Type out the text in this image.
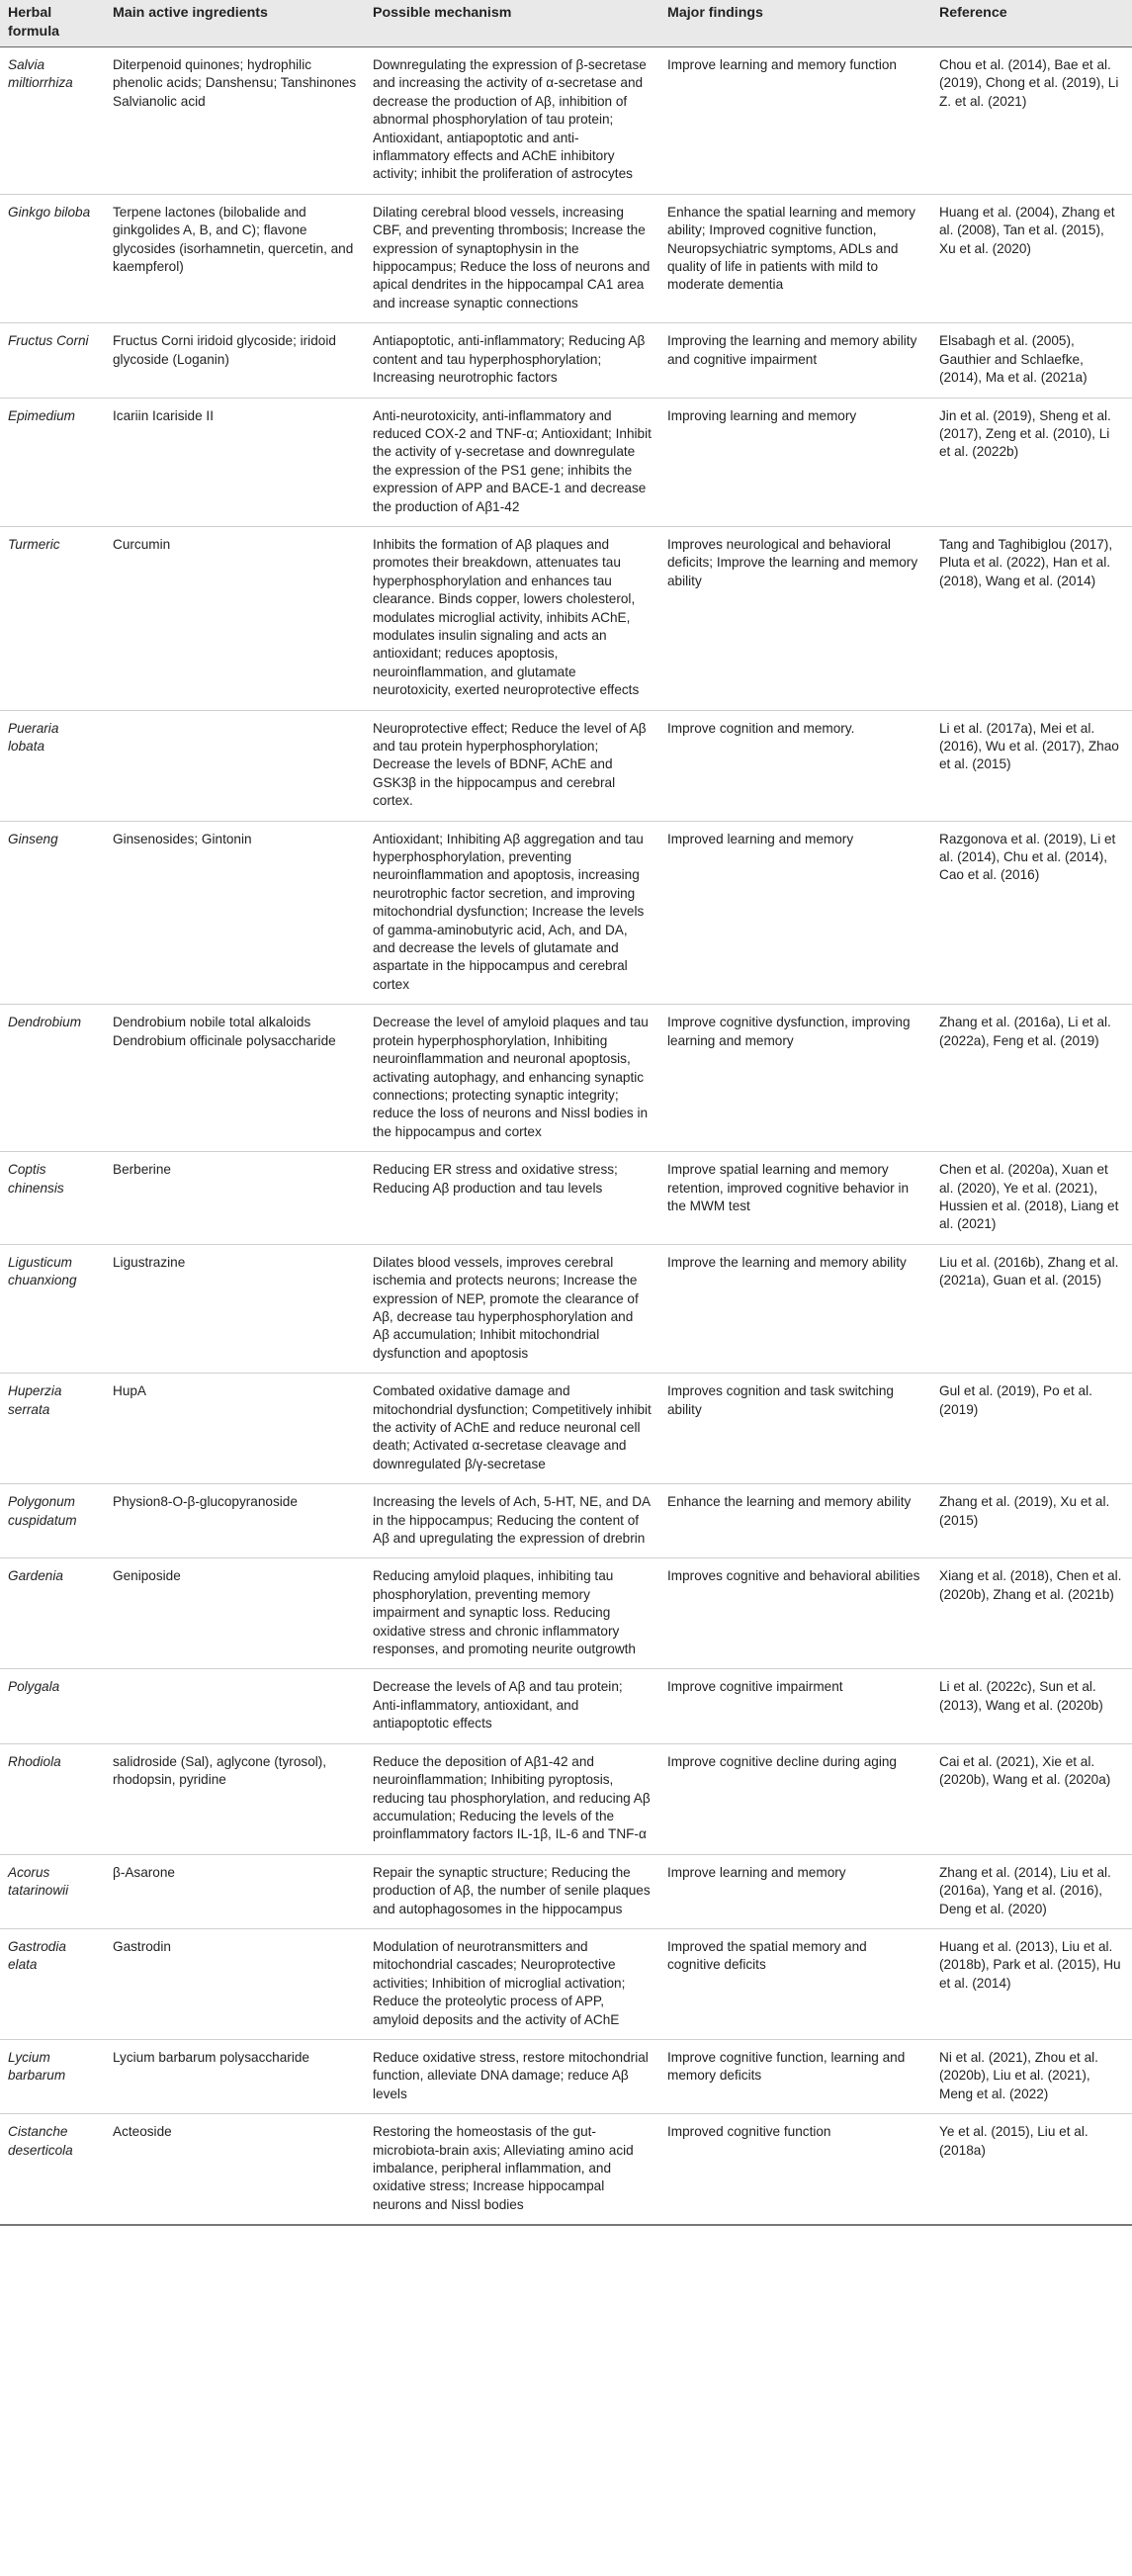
Herbal formula	Main active ingredients	Possible mechanism	Major findings	Reference
Salvia miltiorrhiza	Diterpenoid quinones; hydrophilic phenolic acids; Danshensu; Tanshinones Salvianolic acid	Downregulating the expression of β-secretase and increasing the activity of α-secretase and decrease the production of Aβ, inhibition of abnormal phosphorylation of tau protein; Antioxidant, antiapoptotic and anti-inflammatory effects and AChE inhibitory activity; inhibit the proliferation of astrocytes	Improve learning and memory function	Chou et al. (2014), Bae et al. (2019), Chong et al. (2019), Li Z. et al. (2021)
Ginkgo biloba	Terpene lactones (bilobalide and ginkgolides A, B, and C); flavone glycosides (isorhamnetin, quercetin, and kaempferol)	Dilating cerebral blood vessels, increasing CBF, and preventing thrombosis; Increase the expression of synaptophysin in the hippocampus; Reduce the loss of neurons and apical dendrites in the hippocampal CA1 area and increase synaptic connections	Enhance the spatial learning and memory ability; Improved cognitive function, Neuropsychiatric symptoms, ADLs and quality of life in patients with mild to moderate dementia	Huang et al. (2004), Zhang et al. (2008), Tan et al. (2015), Xu et al. (2020)
Fructus Corni	Fructus Corni iridoid glycoside; iridoid glycoside (Loganin)	Antiapoptotic, anti-inflammatory; Reducing Aβ content and tau hyperphosphorylation; Increasing neurotrophic factors	Improving the learning and memory ability and cognitive impairment	Elsabagh et al. (2005), Gauthier and Schlaefke, (2014), Ma et al. (2021a)
Epimedium	Icariin Icariside II	Anti-neurotoxicity, anti-inflammatory and reduced COX-2 and TNF-α; Antioxidant; Inhibit the activity of γ-secretase and downregulate the expression of the PS1 gene; inhibits the expression of APP and BACE-1 and decrease the production of Aβ1-42	Improving learning and memory	Jin et al. (2019), Sheng et al. (2017), Zeng et al. (2010), Li et al. (2022b)
Turmeric	Curcumin	Inhibits the formation of Aβ plaques and promotes their breakdown, attenuates tau hyperphosphorylation and enhances tau clearance. Binds copper, lowers cholesterol, modulates microglial activity, inhibits AChE, modulates insulin signaling and acts an antioxidant; reduces apoptosis, neuroinflammation, and glutamate neurotoxicity, exerted neuroprotective effects	Improves neurological and behavioral deficits; Improve the learning and memory ability	Tang and Taghibiglou (2017), Pluta et al. (2022), Han et al. (2018), Wang et al. (2014)
Pueraria lobata		Neuroprotective effect; Reduce the level of Aβ and tau protein hyperphosphorylation; Decrease the levels of BDNF, AChE and GSK3β in the hippocampus and cerebral cortex.	Improve cognition and memory.	Li et al. (2017a), Mei et al. (2016), Wu et al. (2017), Zhao et al. (2015)
Ginseng	Ginsenosides; Gintonin	Antioxidant; Inhibiting Aβ aggregation and tau hyperphosphorylation, preventing neuroinflammation and apoptosis, increasing neurotrophic factor secretion, and improving mitochondrial dysfunction; Increase the levels of gamma-aminobutyric acid, Ach, and DA, and decrease the levels of glutamate and aspartate in the hippocampus and cerebral cortex	Improved learning and memory	Razgonova et al. (2019), Li et al. (2014), Chu et al. (2014), Cao et al. (2016)
Dendrobium	Dendrobium nobile total alkaloids Dendrobium officinale polysaccharide	Decrease the level of amyloid plaques and tau protein hyperphosphorylation, Inhibiting neuroinflammation and neuronal apoptosis, activating autophagy, and enhancing synaptic connections; protecting synaptic integrity; reduce the loss of neurons and Nissl bodies in the hippocampus and cortex	Improve cognitive dysfunction, improving learning and memory	Zhang et al. (2016a), Li et al. (2022a), Feng et al. (2019)
Coptis chinensis	Berberine	Reducing ER stress and oxidative stress; Reducing Aβ production and tau levels	Improve spatial learning and memory retention, improved cognitive behavior in the MWM test	Chen et al. (2020a), Xuan et al. (2020), Ye et al. (2021), Hussien et al. (2018), Liang et al. (2021)
Ligusticum chuanxiong	Ligustrazine	Dilates blood vessels, improves cerebral ischemia and protects neurons; Increase the expression of NEP, promote the clearance of Aβ, decrease tau hyperphosphorylation and Aβ accumulation; Inhibit mitochondrial dysfunction and apoptosis	Improve the learning and memory ability	Liu et al. (2016b), Zhang et al. (2021a), Guan et al. (2015)
Huperzia serrata	HupA	Combated oxidative damage and mitochondrial dysfunction; Competitively inhibit the activity of AChE and reduce neuronal cell death; Activated α-secretase cleavage and downregulated β/γ-secretase	Improves cognition and task switching ability	Gul et al. (2019), Po et al. (2019)
Polygonum cuspidatum	Physion8-O-β-glucopyranoside	Increasing the levels of Ach, 5-HT, NE, and DA in the hippocampus; Reducing the content of Aβ and upregulating the expression of drebrin	Enhance the learning and memory ability	Zhang et al. (2019), Xu et al. (2015)
Gardenia	Geniposide	Reducing amyloid plaques, inhibiting tau phosphorylation, preventing memory impairment and synaptic loss. Reducing oxidative stress and chronic inflammatory responses, and promoting neurite outgrowth	Improves cognitive and behavioral abilities	Xiang et al. (2018), Chen et al. (2020b), Zhang et al. (2021b)
Polygala		Decrease the levels of Aβ and tau protein; Anti-inflammatory, antioxidant, and antiapoptotic effects	Improve cognitive impairment	Li et al. (2022c), Sun et al. (2013), Wang et al. (2020b)
Rhodiola	salidroside (Sal), aglycone (tyrosol), rhodopsin, pyridine	Reduce the deposition of Aβ1-42 and neuroinflammation; Inhibiting pyroptosis, reducing tau phosphorylation, and reducing Aβ accumulation; Reducing the levels of the proinflammatory factors IL-1β, IL-6 and TNF-α	Improve cognitive decline during aging	Cai et al. (2021), Xie et al. (2020b), Wang et al. (2020a)
Acorus tatarinowii	β-Asarone	Repair the synaptic structure; Reducing the production of Aβ, the number of senile plaques and autophagosomes in the hippocampus	Improve learning and memory	Zhang et al. (2014), Liu et al. (2016a), Yang et al. (2016), Deng et al. (2020)
Gastrodia elata	Gastrodin	Modulation of neurotransmitters and mitochondrial cascades; Neuroprotective activities; Inhibition of microglial activation; Reduce the proteolytic process of APP, amyloid deposits and the activity of AChE	Improved the spatial memory and cognitive deficits	Huang et al. (2013), Liu et al. (2018b), Park et al. (2015), Hu et al. (2014)
Lycium barbarum	Lycium barbarum polysaccharide	Reduce oxidative stress, restore mitochondrial function, alleviate DNA damage; reduce Aβ levels	Improve cognitive function, learning and memory deficits	Ni et al. (2021), Zhou et al. (2020b), Liu et al. (2021), Meng et al. (2022)
Cistanche deserticola	Acteoside	Restoring the homeostasis of the gut-microbiota-brain axis; Alleviating amino acid imbalance, peripheral inflammation, and oxidative stress; Increase hippocampal neurons and Nissl bodies	Improved cognitive function	Ye et al. (2015), Liu et al. (2018a)
